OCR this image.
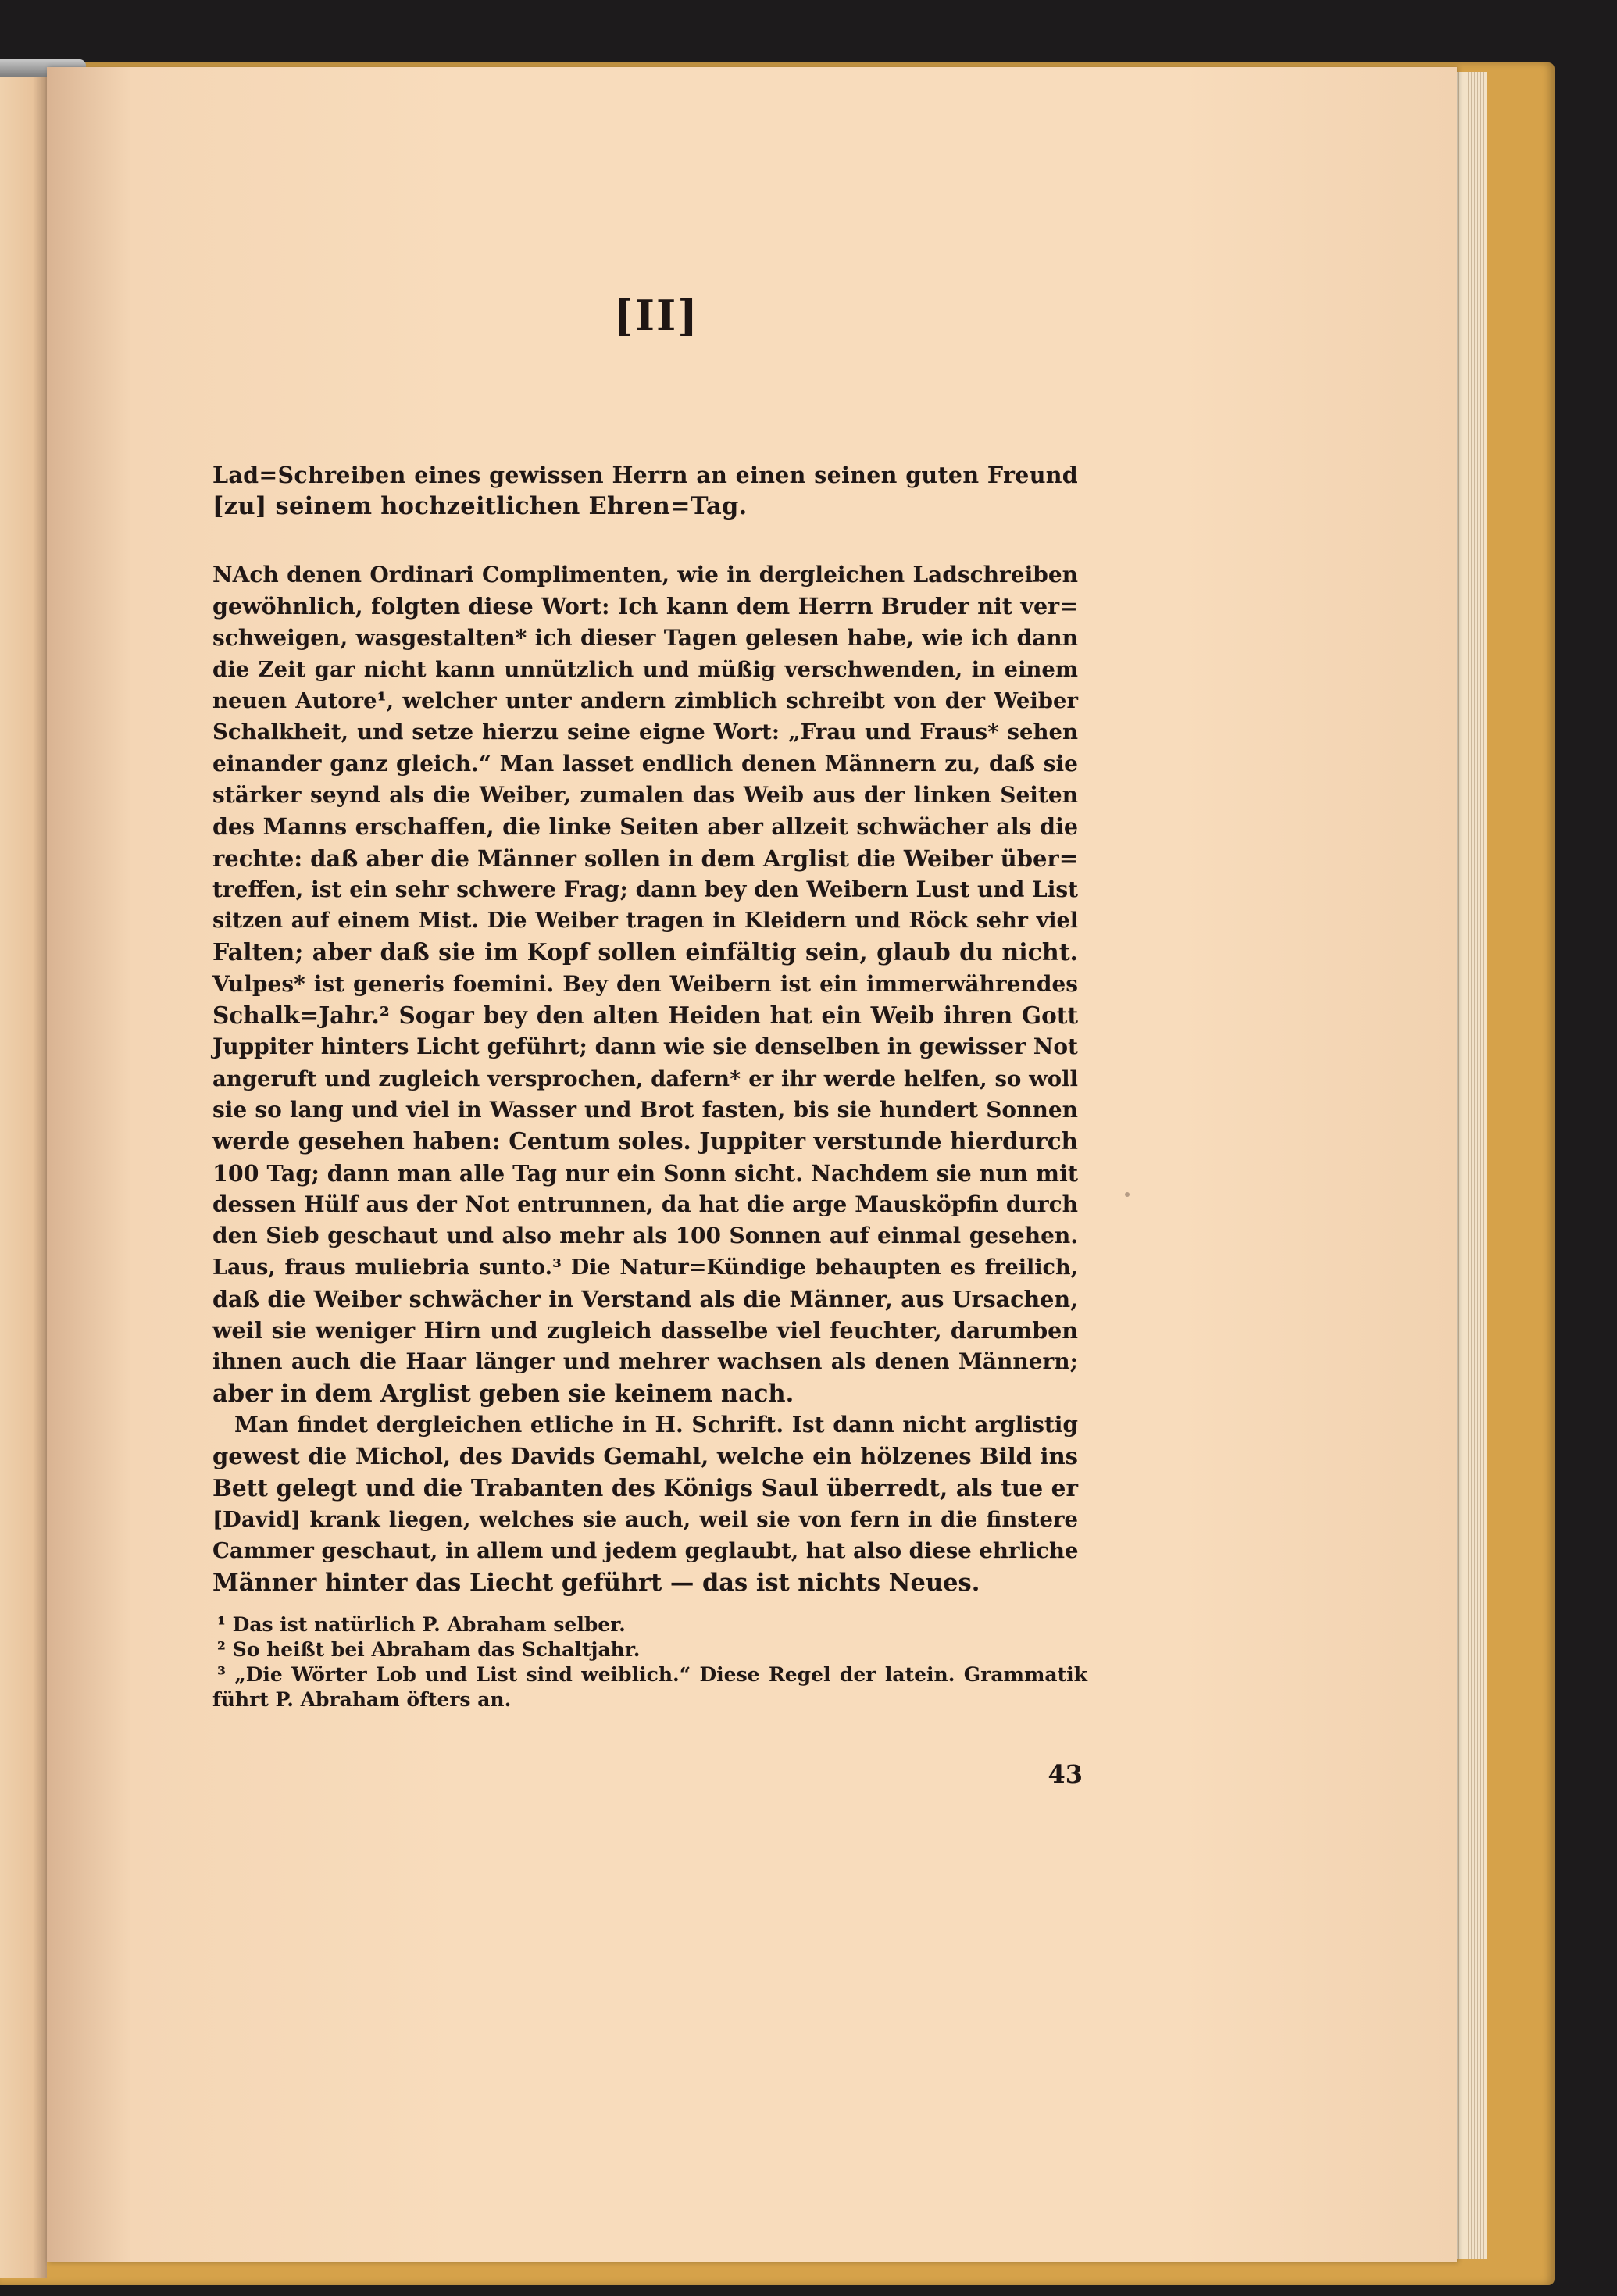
[II]
Lad=Schreiben eines gewissen Herrn an einen seinen guten Freund
[zu] seinem hochzeitlichen Ehren=Tag.
NAch denen Ordinari Complimenten, wie in dergleichen Ladschreiben
gewöhnlich, folgten diese Wort: Ich kann dem Herrn Bruder nit ver=
schweigen, wasgestalten* ich dieser Tagen gelesen habe, wie ich dann
die Zeit gar nicht kann unnützlich und müßig verschwenden, in einem
neuen Autore¹, welcher unter andern zimblich schreibt von der Weiber
Schalkheit, und setze hierzu seine eigne Wort: „Frau und Fraus* sehen
einander ganz gleich.“ Man lasset endlich denen Männern zu, daß sie
stärker seynd als die Weiber, zumalen das Weib aus der linken Seiten
des Manns erschaffen, die linke Seiten aber allzeit schwächer als die
rechte: daß aber die Männer sollen in dem Arglist die Weiber über=
treffen, ist ein sehr schwere Frag; dann bey den Weibern Lust und List
sitzen auf einem Mist. Die Weiber tragen in Kleidern und Röck sehr viel
Falten; aber daß sie im Kopf sollen einfältig sein, glaub du nicht.
Vulpes* ist generis foemini. Bey den Weibern ist ein immerwährendes
Schalk=Jahr.² Sogar bey den alten Heiden hat ein Weib ihren Gott
Juppiter hinters Licht geführt; dann wie sie denselben in gewisser Not
angeruft und zugleich versprochen, dafern* er ihr werde helfen, so woll
sie so lang und viel in Wasser und Brot fasten, bis sie hundert Sonnen
werde gesehen haben: Centum soles. Juppiter verstunde hierdurch
100 Tag; dann man alle Tag nur ein Sonn sicht. Nachdem sie nun mit
dessen Hülf aus der Not entrunnen, da hat die arge Mausköpfin durch
den Sieb geschaut und also mehr als 100 Sonnen auf einmal gesehen.
Laus, fraus muliebria sunto.³ Die Natur=Kündige behaupten es freilich,
daß die Weiber schwächer in Verstand als die Männer, aus Ursachen,
weil sie weniger Hirn und zugleich dasselbe viel feuchter, darumben
ihnen auch die Haar länger und mehrer wachsen als denen Männern;
aber in dem Arglist geben sie keinem nach.
Man findet dergleichen etliche in H. Schrift. Ist dann nicht arglistig
gewest die Michol, des Davids Gemahl, welche ein hölzenes Bild ins
Bett gelegt und die Trabanten des Königs Saul überredt, als tue er
[David] krank liegen, welches sie auch, weil sie von fern in die finstere
Cammer geschaut, in allem und jedem geglaubt, hat also diese ehrliche
Männer hinter das Liecht geführt — das ist nichts Neues.
¹ Das ist natürlich P. Abraham selber.
² So heißt bei Abraham das Schaltjahr.
³ „Die Wörter Lob und List sind weiblich.“ Diese Regel der latein. Grammatik
führt P. Abraham öfters an.
43
